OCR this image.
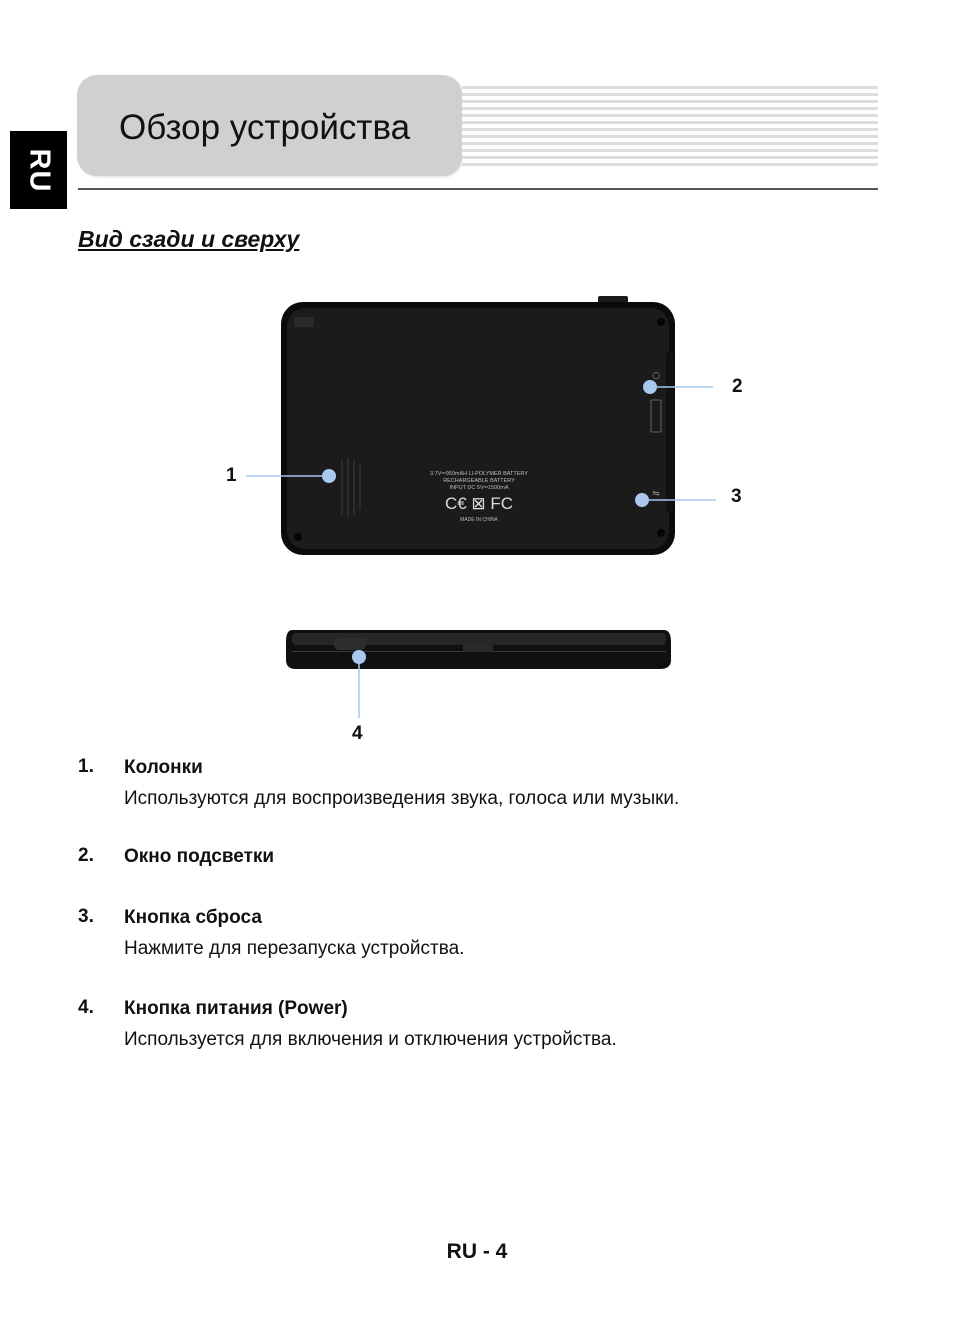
RU
Обзор устройства
Вид сзади и сверху
○
⇋
3.7V⎓950mAH LI-POLYMER BATTERY
RECHARGEABLE BATTERY
INPUT DC 5V⎓1500mA
C€ ⊠ FC
MADE IN CHINA
1
2
3
4
1. Колонки
Используются для воспроизведения звука, голоса или музыки.
2. Окно подсветки
3. Кнопка сброса
Нажмите для перезапуска устройства.
4. Кнопка питания (Power)
Используется для включения и отключения устройства.
RU - 4
